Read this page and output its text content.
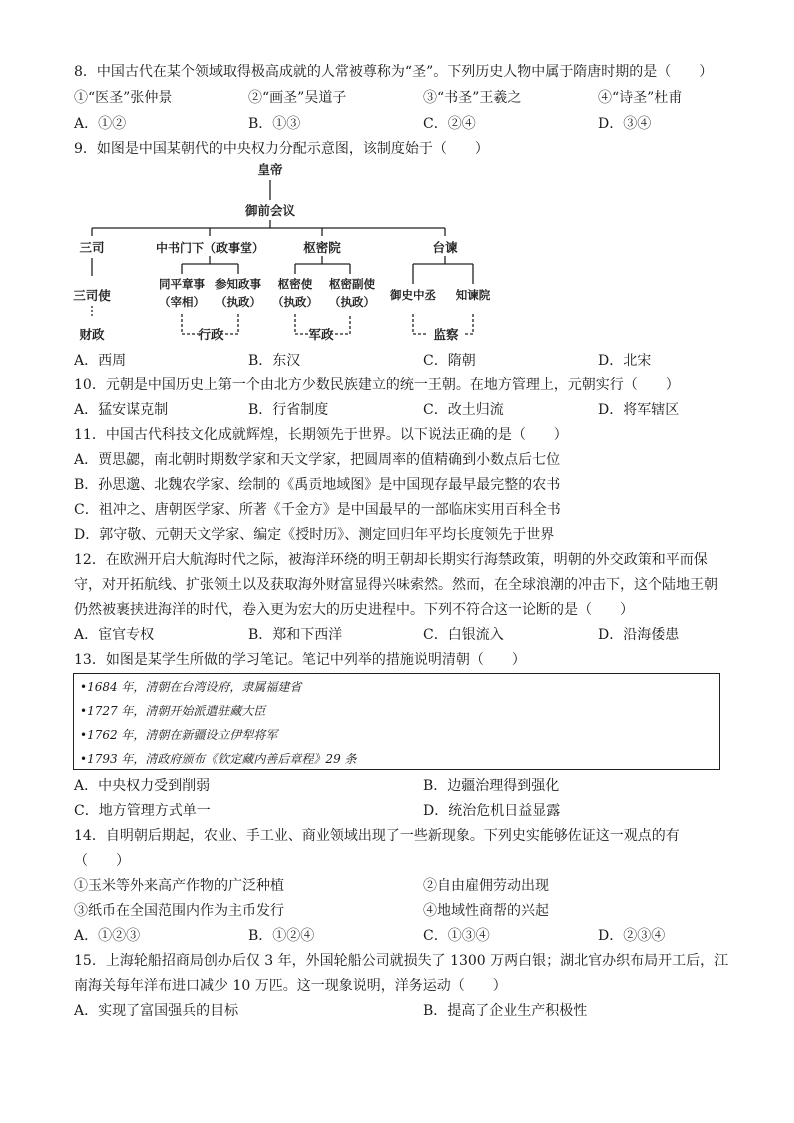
8．中国古代在某个领域取得极高成就的人常被尊称为“圣”。下列历史人物中属于隋唐时期的是（　　）
①“医圣”张仲景	②“画圣”吴道子	③“书圣”王羲之	④“诗圣”杜甫
A．①②	B．①③	C．②④	D．③④
9．如图是中国某朝代的中央权力分配示意图，该制度始于（　　）
皇帝
御前会议
三司	中书门下（政事堂）	枢密院	台谏
三司使
同平章事
（宰相）
参知政事
（执政）
枢密使
（执政）
枢密副使
（执政） 御史中丞 知谏院
财政	行政	军政	监察
A．西周	B．东汉	C．隋朝	D．北宋
10．元朝是中国历史上第一个由北方少数民族建立的统一王朝。在地方管理上，元朝实行（　　）
A．猛安谋克制	B．行省制度	C．改土归流	D．将军辖区
11．中国古代科技文化成就辉煌，长期领先于世界。以下说法正确的是（　　）
A．贾思勰，南北朝时期数学家和天文学家，把圆周率的值精确到小数点后七位
B．孙思邈、北魏农学家、绘制的《禹贡地域图》是中国现存最早最完整的农书
C．祖冲之、唐朝医学家、所著《千金方》是中国最早的一部临床实用百科全书
D．郭守敬、元朝天文学家、编定《授时历》、测定回归年平均长度领先于世界
12．在欧洲开启大航海时代之际，被海洋环绕的明王朝却长期实行海禁政策，明朝的外交政策和平而保
守，对开拓航线、扩张领土以及获取海外财富显得兴味索然。然而，在全球浪潮的冲击下，这个陆地王朝
仍然被裹挟进海洋的时代，卷入更为宏大的历史进程中。下列不符合这一论断的是（　　）
A．宦官专权	B．郑和下西洋	C．白银流入	D．沿海倭患
13．如图是某学生所做的学习笔记。笔记中列举的措施说明清朝（　　）
•1684 年，清朝在台湾设府，隶属福建省
•1727 年，清朝开始派遣驻藏大臣
•1762 年，清朝在新疆设立伊犁将军
•1793 年，清政府颁布《钦定藏内善后章程》29 条
A．中央权力受到削弱	B．边疆治理得到强化
C．地方管理方式单一	D．统治危机日益显露
14．自明朝后期起，农业、手工业、商业领域出现了一些新现象。下列史实能够佐证这一观点的有
（　　）
①玉米等外来高产作物的广泛种植	②自由雇佣劳动出现
③纸币在全国范围内作为主币发行	④地域性商帮的兴起
A．①②③	B．①②④	C．①③④	D．②③④
15．上海轮船招商局创办后仅 3 年，外国轮船公司就损失了 1300 万两白银；湖北官办织布局开工后，江
南海关每年洋布进口减少 10 万匹。这一现象说明，洋务运动（　　）
A．实现了富国强兵的目标	B．提高了企业生产积极性
